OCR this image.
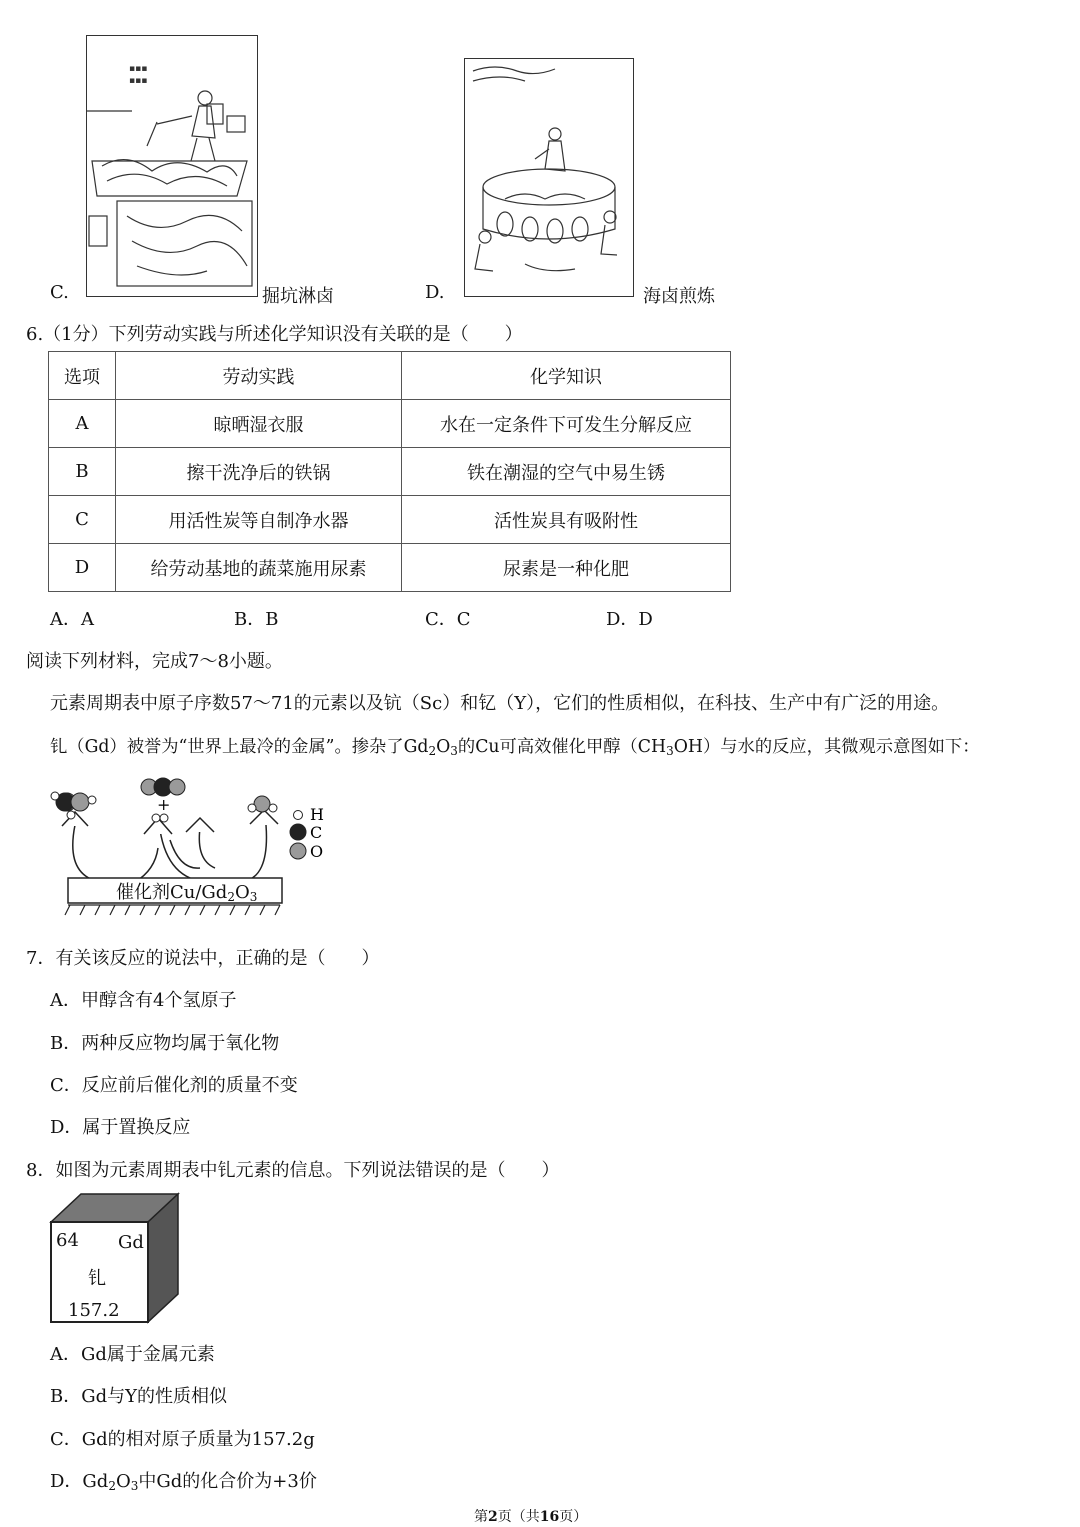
C.
▪▪▪
▪▪▪
掘坑淋卤	D.	海卤煎炼
6.（1分）下列劳动实践与所述化学知识没有关联的是（　　）
选项	劳动实践	化学知识
A	晾晒湿衣服	水在一定条件下可发生分解反应
B	擦干洗净后的铁锅	铁在潮湿的空气中易生锈
C	用活性炭等自制净水器	活性炭具有吸附性
D	给劳动基地的蔬菜施用尿素	尿素是一种化肥
A．A	B．B	C．C	D．D
阅读下列材料，完成7～8小题。
元素周期表中原子序数57～71的元素以及钪（Sc）和钇（Y），它们的性质相似，在科技、生产中有广泛的用途。
钆（Gd）被誉为“世界上最冷的金属”。掺杂了$Gd_2O_3$的Cu可高效催化甲醇$(CH_3OH)$与水的反应，其微观示意图如下：
+
H
C
O
催化剂$Cu/Gd_2O_3$
7．有关该反应的说法中，正确的是（　　）
A．甲醇含有4个氢原子
B．两种反应物均属于氧化物
C．反应前后催化剂的质量不变
D．属于置换反应
8．如图为元素周期表中钆元素的信息。下列说法错误的是（　　）
64 Gd
钆
157.2
A．Gd属于金属元素
B．Gd与Y的性质相似
C．Gd的相对原子质量为157.2g
D．$Gd_2O_3$中Gd的化合价为+3价
第2页（共16页）
